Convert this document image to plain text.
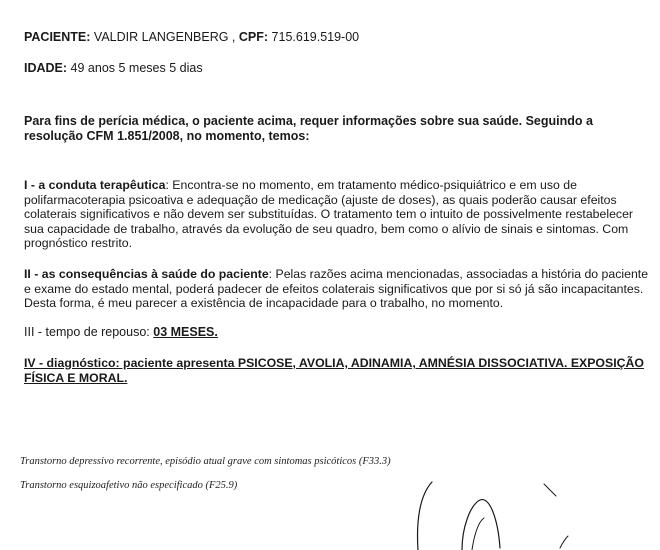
PACIENTE: VALDIR LANGENBERG , CPF: 715.619.519-00
IDADE: 49 anos 5 meses 5 dias
Para fins de perícia médica, o paciente acima, requer informações sobre sua saúde. Seguindo a resolução CFM 1.851/2008, no momento, temos:
I - a conduta terapêutica: Encontra-se no momento, em tratamento médico-psiquiátrico e em uso de polifarmacoterapia psicoativa e adequação de medicação (ajuste de doses), as quais poderão causar efeitos colaterais significativos e não devem ser substituídas. O tratamento tem o intuito de possivelmente restabelecer sua capacidade de trabalho, através da evolução de seu quadro, bem como o alívio de sinais e sintomas. Com prognóstico restrito.
II - as consequências à saúde do paciente: Pelas razões acima mencionadas, associadas a história do paciente e exame do estado mental, poderá padecer de efeitos colaterais significativos que por si só já são incapacitantes. Desta forma, é meu parecer a existência de incapacidade para o trabalho, no momento.
III - tempo de repouso: 03 MESES.
IV - diagnóstico: paciente apresenta PSICOSE, AVOLIA, ADINAMIA, AMNÉSIA DISSOCIATIVA. EXPOSIÇÃO FÍSICA E MORAL.
Transtorno depressivo recorrente, episódio atual grave com sintomas psicóticos (F33.3)
Transtorno esquizoafetivo não especificado (F25.9)
